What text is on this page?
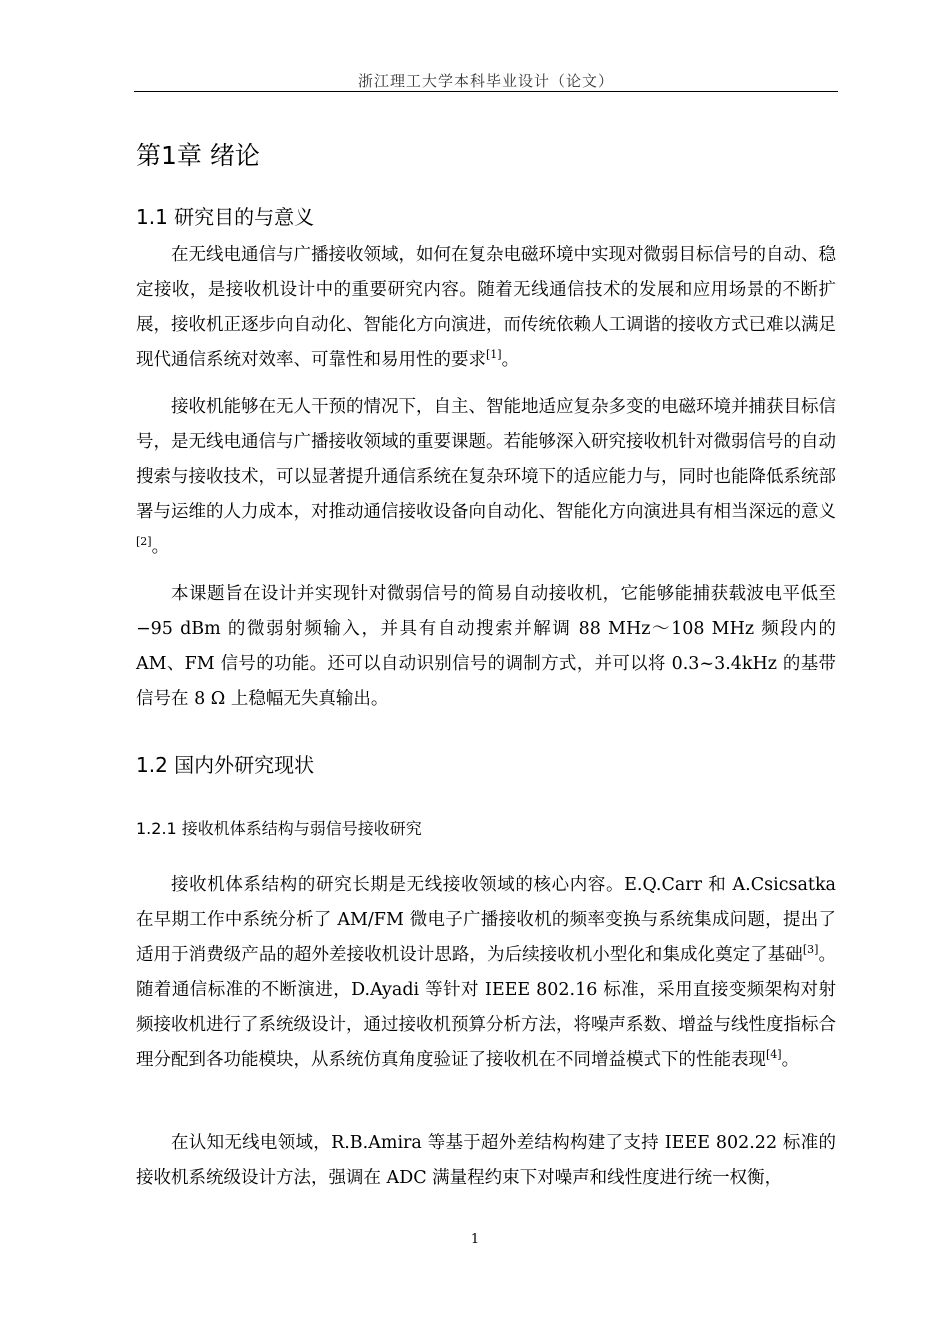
浙江理工大学本科毕业设计（论文）
第1章 绪论
1.1 研究目的与意义

在无线电通信与广播接收领域，如何在复杂电磁环境中实现对微弱目标信号的自动、稳定接收，是接收机设计中的重要研究内容。随着无线通信技术的发展和应用场景的不断扩展，接收机正逐步向自动化、智能化方向演进，而传统依赖人工调谐的接收方式已难以满足现代通信系统对效率、可靠性和易用性的要求[1]。

接收机能够在无人干预的情况下，自主、智能地适应复杂多变的电磁环境并捕获目标信号，是无线电通信与广播接收领域的重要课题。若能够深入研究接收机针对微弱信号的自动搜索与接收技术，可以显著提升通信系统在复杂环境下的适应能力与，同时也能降低系统部署与运维的人力成本，对推动通信接收设备向自动化、智能化方向演进具有相当深远的意义[2]。

本课题旨在设计并实现针对微弱信号的简易自动接收机，它能够能捕获载波电平低至−95 dBm 的微弱射频输入，并具有自动搜索并解调 88 MHz～108 MHz 频段内的 AM、FM 信号的功能。还可以自动识别信号的调制方式，并可以将 0.3~3.4kHz 的基带信号在 8 Ω 上稳幅无失真输出。

1.2 国内外研究现状
1.2.1 接收机体系结构与弱信号接收研究

接收机体系结构的研究长期是无线接收领域的核心内容。E.Q.Carr 和 A.Csicsatka 在早期工作中系统分析了 AM/FM 微电子广播接收机的频率变换与系统集成问题，提出了适用于消费级产品的超外差接收机设计思路，为后续接收机小型化和集成化奠定了基础[3]。随着通信标准的不断演进，D.Ayadi 等针对 IEEE 802.16 标准，采用直接变频架构对射频接收机进行了系统级设计，通过接收机预算分析方法，将噪声系数、增益与线性度指标合理分配到各功能模块，从系统仿真角度验证了接收机在不同增益模式下的性能表现[4]。

在认知无线电领域，R.B.Amira 等基于超外差结构构建了支持 IEEE 802.22 标准的接收机系统级设计方法，强调在 ADC 满量程约束下对噪声和线性度进行统一权衡，

1
